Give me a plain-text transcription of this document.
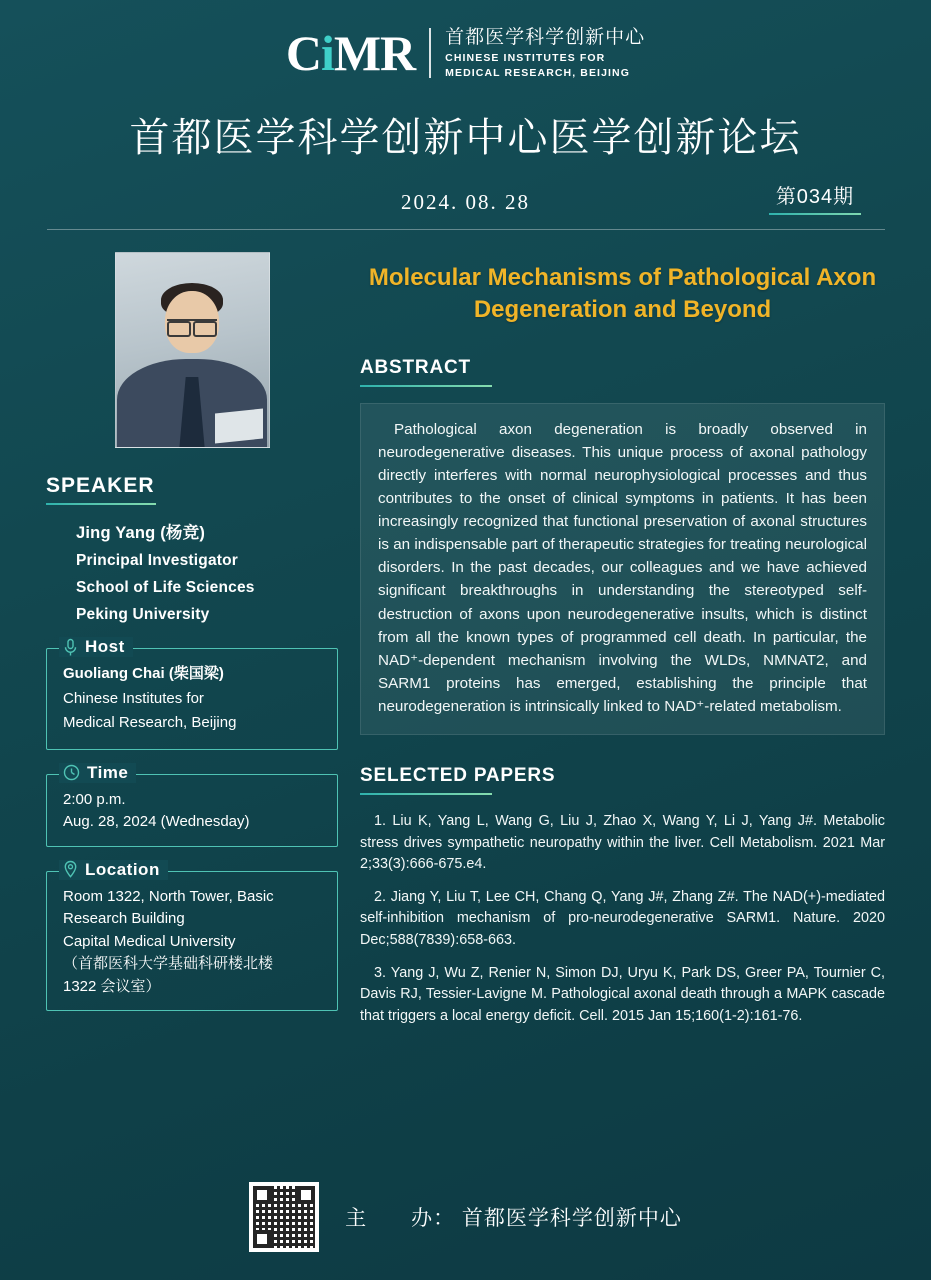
CiMR 首都医学科学创新中心
CHINESE INSTITUTES FOR
MEDICAL RESEARCH, BEIJING
首都医学科学创新中心医学创新论坛
2024. 08. 28	第034期
SPEAKER
Jing Yang (杨竞)
Principal Investigator
School of Life Sciences
Peking University
Host
Guoliang Chai (柴国梁)
Chinese Institutes for
Medical Research, Beijing
Time
2:00 p.m.
Aug. 28, 2024 (Wednesday)
Location
Room 1322, North Tower, Basic
Research Building
Capital Medical University
（首都医科大学基础科研楼北楼
1322 会议室）
Molecular Mechanisms of Pathological Axon Degeneration and Beyond
ABSTRACT

Pathological axon degeneration is broadly observed in neurodegenerative diseases. This unique process of axonal pathology directly interferes with normal neurophysiological processes and thus contributes to the onset of clinical symptoms in patients. It has been increasingly recognized that functional preservation of axonal structures is an indispensable part of therapeutic strategies for treating neurological disorders. In the past decades, our colleagues and we have achieved significant breakthroughs in understanding the stereotyped self-destruction of axons upon neurodegenerative insults, which is distinct from all the known types of programmed cell death. In particular, the NAD⁺-dependent mechanism involving the WLDs, NMNAT2, and SARM1 proteins has emerged, establishing the principle that neurodegeneration is intrinsically linked to NAD⁺-related metabolism.

SELECTED PAPERS
1. Liu K, Yang L, Wang G, Liu J, Zhao X, Wang Y, Li J, Yang J#. Metabolic stress drives sympathetic neuropathy within the liver. Cell Metabolism. 2021 Mar 2;33(3):666-675.e4.
2. Jiang Y, Liu T, Lee CH, Chang Q, Yang J#, Zhang Z#. The NAD(+)-mediated self-inhibition mechanism of pro-neurodegenerative SARM1. Nature. 2020 Dec;588(7839):658-663.
3. Yang J, Wu Z, Renier N, Simon DJ, Uryu K, Park DS, Greer PA, Tournier C, Davis RJ, Tessier-Lavigne M. Pathological axonal death through a MAPK cascade that triggers a local energy deficit. Cell. 2015 Jan 15;160(1-2):161-76.
主　　办： 首都医学科学创新中心
